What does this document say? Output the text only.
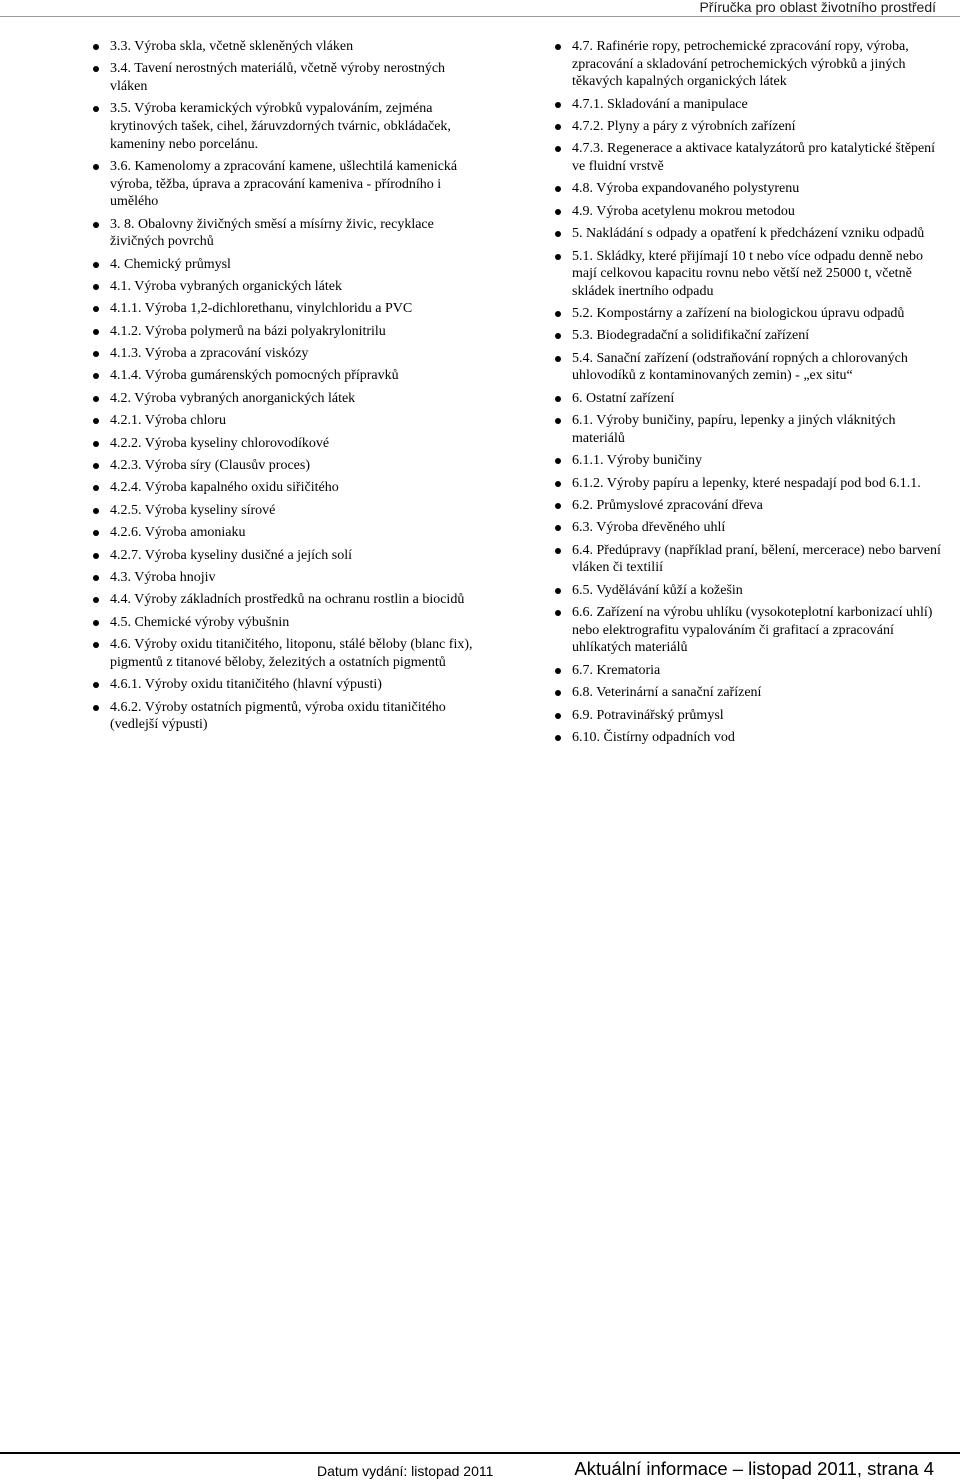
Příručka pro oblast životního prostředí
3.3. Výroba skla, včetně skleněných vláken
3.4. Tavení nerostných materiálů, včetně výroby nerostných vláken
3.5. Výroba keramických výrobků vypalováním, zejména krytinových tašek, cihel, žáruvzdorných tvárnic, obkládaček, kameniny nebo porcelánu.
3.6. Kamenolomy a zpracování kamene, ušlechtilá kamenická výroba, těžba, úprava a zpracování kameniva - přírodního i umělého
3. 8. Obalovny živičných směsí a mísírny živic, recyklace živičných povrchů
4. Chemický průmysl
4.1. Výroba vybraných organických látek
4.1.1. Výroba 1,2-dichlorethanu, vinylchloridu a PVC
4.1.2. Výroba polymerů na bázi polyakrylonitrilu
4.1.3. Výroba a zpracování viskózy
4.1.4. Výroba gumárenských pomocných přípravků
4.2. Výroba vybraných anorganických látek
4.2.1. Výroba chloru
4.2.2. Výroba kyseliny chlorovodíkové
4.2.3. Výroba síry (Clausův proces)
4.2.4. Výroba kapalného oxidu siřičitého
4.2.5. Výroba kyseliny sírové
4.2.6. Výroba amoniaku
4.2.7. Výroba kyseliny dusičné a jejích solí
4.3. Výroba hnojiv
4.4. Výroby základních prostředků na ochranu rostlin a biocidů
4.5. Chemické výroby výbušnin
4.6. Výroby oxidu titaničitého, litoponu, stálé běloby (blanc fix), pigmentů z titanové běloby, železitých a ostatních pigmentů
4.6.1. Výroby oxidu titaničitého (hlavní výpusti)
4.6.2. Výroby ostatních pigmentů, výroba oxidu titaničitého (vedlejší výpusti)
4.7. Rafinérie ropy, petrochemické zpracování ropy, výroba, zpracování a skladování petrochemických výrobků a jiných těkavých kapalných organických látek
4.7.1. Skladování a manipulace
4.7.2. Plyny a páry z výrobních zařízení
4.7.3. Regenerace a aktivace katalyzátorů pro katalytické štěpení ve fluidní vrstvě
4.8. Výroba expandovaného polystyrenu
4.9. Výroba acetylenu mokrou metodou
5. Nakládání s odpady a opatření k předcházení vzniku odpadů
5.1. Skládky, které přijímají 10 t nebo více odpadu denně nebo mají celkovou kapacitu rovnu nebo větší než 25000 t, včetně skládek inertního odpadu
5.2. Kompostárny a zařízení na biologickou úpravu odpadů
5.3. Biodegradační a solidifikační zařízení
5.4. Sanační zařízení (odstraňování ropných a chlorovaných uhlovodíků z kontaminovaných zemin) - „ex situ“
6. Ostatní zařízení
6.1. Výroby buničiny, papíru, lepenky a jiných vláknitých materiálů
6.1.1. Výroby buničiny
6.1.2. Výroby papíru a lepenky, které nespadají pod bod 6.1.1.
6.2. Průmyslové zpracování dřeva
6.3. Výroba dřevěného uhlí
6.4. Předúpravy (například praní, bělení, mercerace) nebo barvení vláken či textilií
6.5. Vydělávání kůží a kožešin
6.6. Zařízení na výrobu uhlíku (vysokoteplotní karbonizací uhlí) nebo elektrografitu vypalováním či grafitací a zpracování uhlíkatých materiálů
6.7. Krematoria
6.8. Veterinární a sanační zařízení
6.9. Potravinářský průmysl
6.10. Čistírny odpadních vod
Datum vydání: listopad 2011	Aktuální informace – listopad 2011, strana 4
